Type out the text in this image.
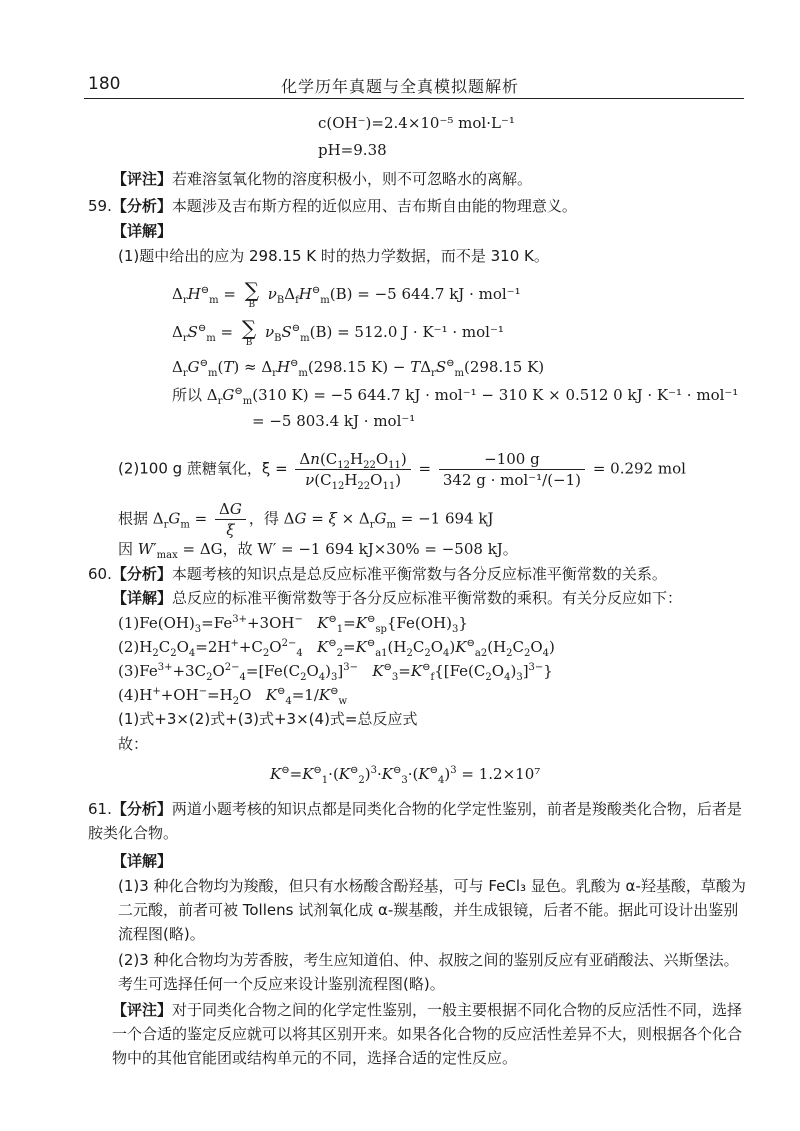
180	化学历年真题与全真模拟题解析
c(OH⁻)=2.4×10⁻⁵ mol·L⁻¹
pH=9.38
【评注】若难溶氢氧化物的溶度积极小，则不可忽略水的离解。
59.【分析】本题涉及吉布斯方程的近似应用、吉布斯自由能的物理意义。
【详解】
(1)题中给出的应为 298.15 K 时的热力学数据，而不是 310 K。
$\Delta_rH^⊖_m$ = ∑
B
$\nu_B\Delta_fH^⊖_m(B) = -5$ 644.7 kJ · mol⁻¹
$\Delta_rS^⊖_m$ = ∑
B
$\nu_BS^⊖_m(B) = 512.0$ J · K⁻¹ · mol⁻¹
$\Delta_rG^⊖_m(T) \approx \Delta_rH^⊖_m(298.15$ $K) - T\Delta_rS^⊖_m(298.15$ K)
所以 $\Delta_rG^⊖_m(310$ K) = −5 644.7 kJ · mol⁻¹ − 310 K × 0.512 0 kJ · K⁻¹ · mol⁻¹
= −5 803.4 kJ · mol⁻¹
(2)100 g 蔗糖氧化，$\xi = \frac{\Delta n(C_{12}H_{22}O_{11})}{\nu(C_{12}H_{22}O_{11})} = \frac{-100 g}{\text{342 g · mol⁻¹/(−1)}} = 0.292$ mol
根据 $\Delta_rG_m = \frac{\Delta G}{\xi}$ ，得 $\Delta G = \xi \times \Delta_rG_m = -1$ 694 kJ
因 $W'_{max} = \Delta G$，故 W′ = −1 694 kJ×30% = −508 kJ。
60.【分析】本题考核的知识点是总反应标准平衡常数与各分反应标准平衡常数的关系。
【详解】总反应的标准平衡常数等于各分反应标准平衡常数的乘积。有关分反应如下：
$(1)Fe(OH)_3=Fe^{3+}+3OH^-$ $K^⊖_1=K^⊖_{sp}\{Fe(OH)_3\}$
$(2)H_2C_2O_4=2H^++C_2O^{2-}_4$ $K^⊖_2=K^⊖_{a1}(H_2C_2O_4)K^⊖_{a2}(H_2C_2O_4)$
$(3)Fe^{3+}+3C_2O^{2-}_4=[Fe(C_2O_4)_3]^{3-}$ $K^⊖_3=K^⊖_f\{[Fe(C_2O_4)_3]^{3-}\}$
$(4)H^++OH^-=H_2O$   $K^⊖_4=1/K^⊖_w$
(1)式+3×(2)式+(3)式+3×(4)式=总反应式
故：
$K^⊖=K^⊖_1\cdot(K^⊖_2)^3\cdot K^⊖_3\cdot(K^⊖_4)^3 = 1.2\times 10^7$
61.【分析】两道小题考核的知识点都是同类化合物的化学定性鉴别，前者是羧酸类化合物，后者是胺类化合物。
【详解】
(1)3 种化合物均为羧酸，但只有水杨酸含酚羟基，可与 FeCl₃ 显色。乳酸为 α-羟基酸，草酸为二元酸，前者可被 Tollens 试剂氧化成 α-羰基酸，并生成银镜，后者不能。据此可设计出鉴别流程图(略)。
(2)3 种化合物均为芳香胺，考生应知道伯、仲、叔胺之间的鉴别反应有亚硝酸法、兴斯堡法。考生可选择任何一个反应来设计鉴别流程图(略)。
【评注】对于同类化合物之间的化学定性鉴别，一般主要根据不同化合物的反应活性不同，选择一个合适的鉴定反应就可以将其区别开来。如果各化合物的反应活性差异不大，则根据各个化合物中的其他官能团或结构单元的不同，选择合适的定性反应。
